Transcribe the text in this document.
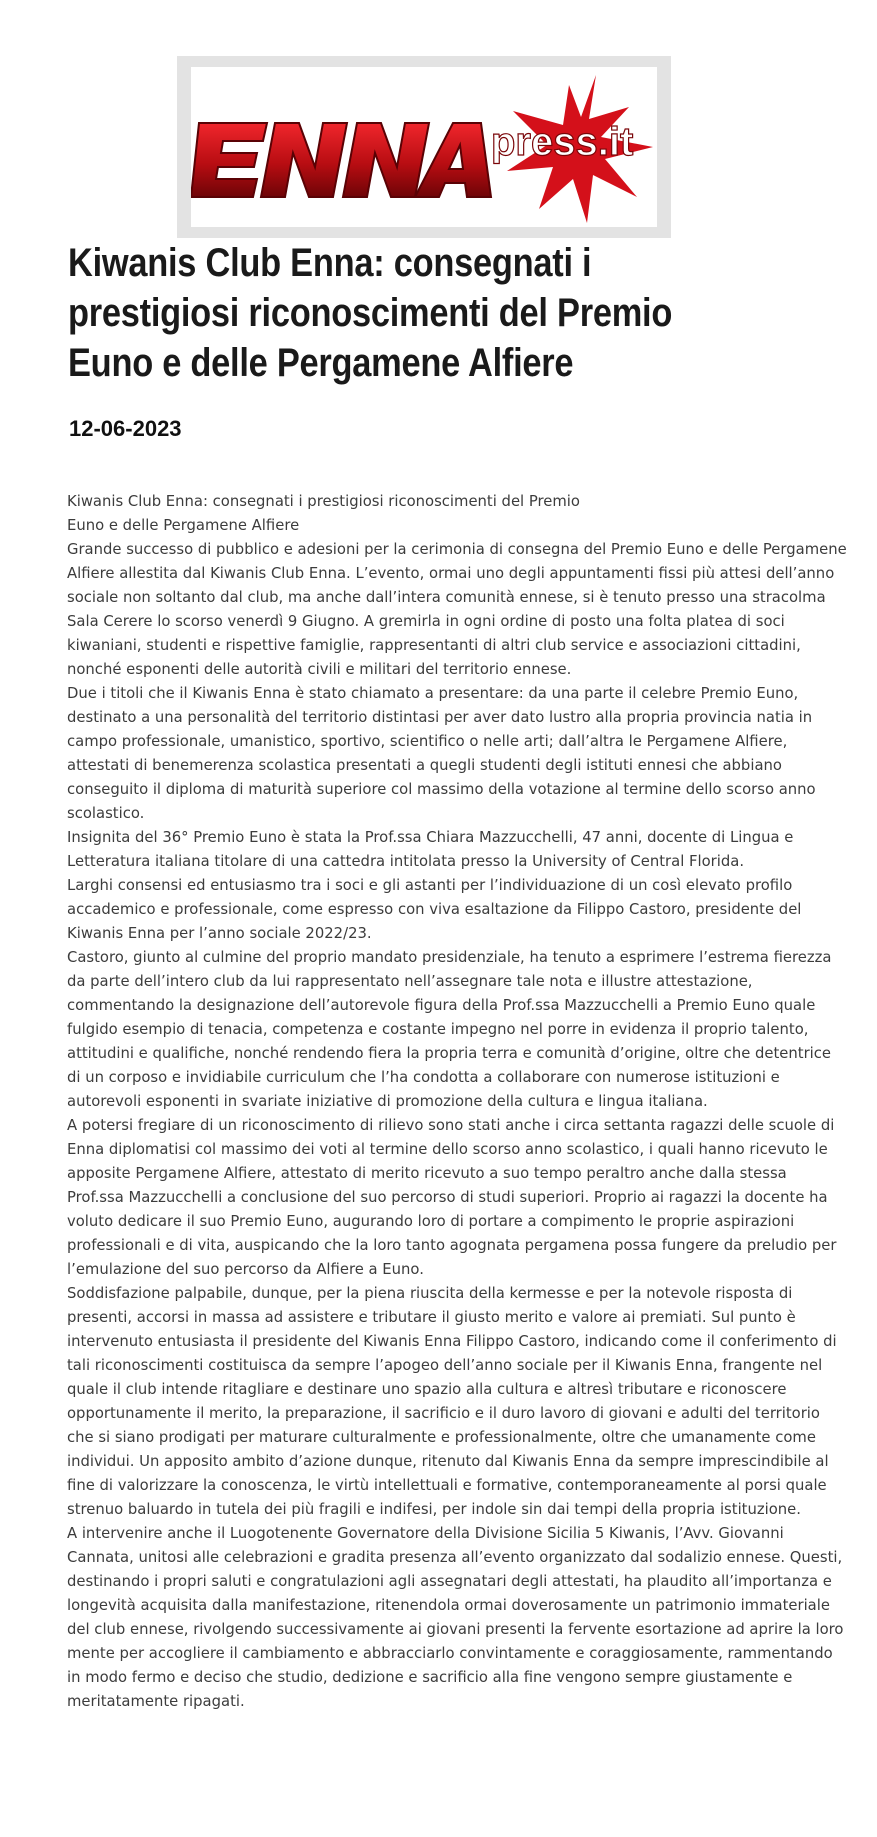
press.it
Kiwanis Club Enna: consegnati i prestigiosi riconoscimenti del Premio Euno e delle Pergamene Alfiere
12-06-2023

Kiwanis Club Enna: consegnati i prestigiosi riconoscimenti del Premio Euno e delle Pergamene Alfiere

Grande successo di pubblico e adesioni per la cerimonia di consegna del Premio Euno e delle Pergamene Alfiere allestita dal Kiwanis Club Enna. L’evento, ormai uno degli appuntamenti fissi più attesi dell’anno sociale non soltanto dal club, ma anche dall’intera comunità ennese, si è tenuto presso una stracolma Sala Cerere lo scorso venerdì 9 Giugno. A gremirla in ogni ordine di posto una folta platea di soci kiwaniani, studenti e rispettive famiglie, rappresentanti di altri club service e associazioni cittadini, nonché esponenti delle autorità civili e militari del territorio ennese.

Due i titoli che il Kiwanis Enna è stato chiamato a presentare: da una parte il celebre Premio Euno, destinato a una personalità del territorio distintasi per aver dato lustro alla propria provincia natia in campo professionale, umanistico, sportivo, scientifico o nelle arti; dall’altra le Pergamene Alfiere, attestati di benemerenza scolastica presentati a quegli studenti degli istituti ennesi che abbiano conseguito il diploma di maturità superiore col massimo della votazione al termine dello scorso anno scolastico.

Insignita del 36° Premio Euno è stata la Prof.ssa Chiara Mazzucchelli, 47 anni, docente di Lingua e Letteratura italiana titolare di una cattedra intitolata presso la University of Central Florida.

Larghi consensi ed entusiasmo tra i soci e gli astanti per l’individuazione di un così elevato profilo accademico e professionale, come espresso con viva esaltazione da Filippo Castoro, presidente del Kiwanis Enna per l’anno sociale 2022/23.

Castoro, giunto al culmine del proprio mandato presidenziale, ha tenuto a esprimere l’estrema fierezza da parte dell’intero club da lui rappresentato nell’assegnare tale nota e illustre attestazione, commentando la designazione dell’autorevole figura della Prof.ssa Mazzucchelli a Premio Euno quale fulgido esempio di tenacia, competenza e costante impegno nel porre in evidenza il proprio talento, attitudini e qualifiche, nonché rendendo fiera la propria terra e comunità d’origine, oltre che detentrice di un corposo e invidiabile curriculum che l’ha condotta a collaborare con numerose istituzioni e autorevoli esponenti in svariate iniziative di promozione della cultura e lingua italiana.

A potersi fregiare di un riconoscimento di rilievo sono stati anche i circa settanta ragazzi delle scuole di Enna diplomatisi col massimo dei voti al termine dello scorso anno scolastico, i quali hanno ricevuto le apposite Pergamene Alfiere, attestato di merito ricevuto a suo tempo peraltro anche dalla stessa Prof.ssa Mazzucchelli a conclusione del suo percorso di studi superiori. Proprio ai ragazzi la docente ha voluto dedicare il suo Premio Euno, augurando loro di portare a compimento le proprie aspirazioni professionali e di vita, auspicando che la loro tanto agognata pergamena possa fungere da preludio per l’emulazione del suo percorso da Alfiere a Euno.

Soddisfazione palpabile, dunque, per la piena riuscita della kermesse e per la notevole risposta di presenti, accorsi in massa ad assistere e tributare il giusto merito e valore ai premiati. Sul punto è intervenuto entusiasta il presidente del Kiwanis Enna Filippo Castoro, indicando come il conferimento di tali riconoscimenti costituisca da sempre l’apogeo dell’anno sociale per il Kiwanis Enna, frangente nel quale il club intende ritagliare e destinare uno spazio alla cultura e altresì tributare e riconoscere opportunamente il merito, la preparazione, il sacrificio e il duro lavoro di giovani e adulti del territorio che si siano prodigati per maturare culturalmente e professionalmente, oltre che umanamente come individui. Un apposito ambito d’azione dunque, ritenuto dal Kiwanis Enna da sempre imprescindibile al fine di valorizzare la conoscenza, le virtù intellettuali e formative, contemporaneamente al porsi quale strenuo baluardo in tutela dei più fragili e indifesi, per indole sin dai tempi della propria istituzione.

A intervenire anche il Luogotenente Governatore della Divisione Sicilia 5 Kiwanis, l’Avv. Giovanni Cannata, unitosi alle celebrazioni e gradita presenza all’evento organizzato dal sodalizio ennese. Questi, destinando i propri saluti e congratulazioni agli assegnatari degli attestati, ha plaudito all’importanza e longevità acquisita dalla manifestazione, ritenendola ormai doverosamente un patrimonio immateriale del club ennese, rivolgendo successivamente ai giovani presenti la fervente esortazione ad aprire la loro mente per accogliere il cambiamento e abbracciarlo convintamente e coraggiosamente, rammentando in modo fermo e deciso che studio, dedizione e sacrificio alla fine vengono sempre giustamente e meritatamente ripagati.
